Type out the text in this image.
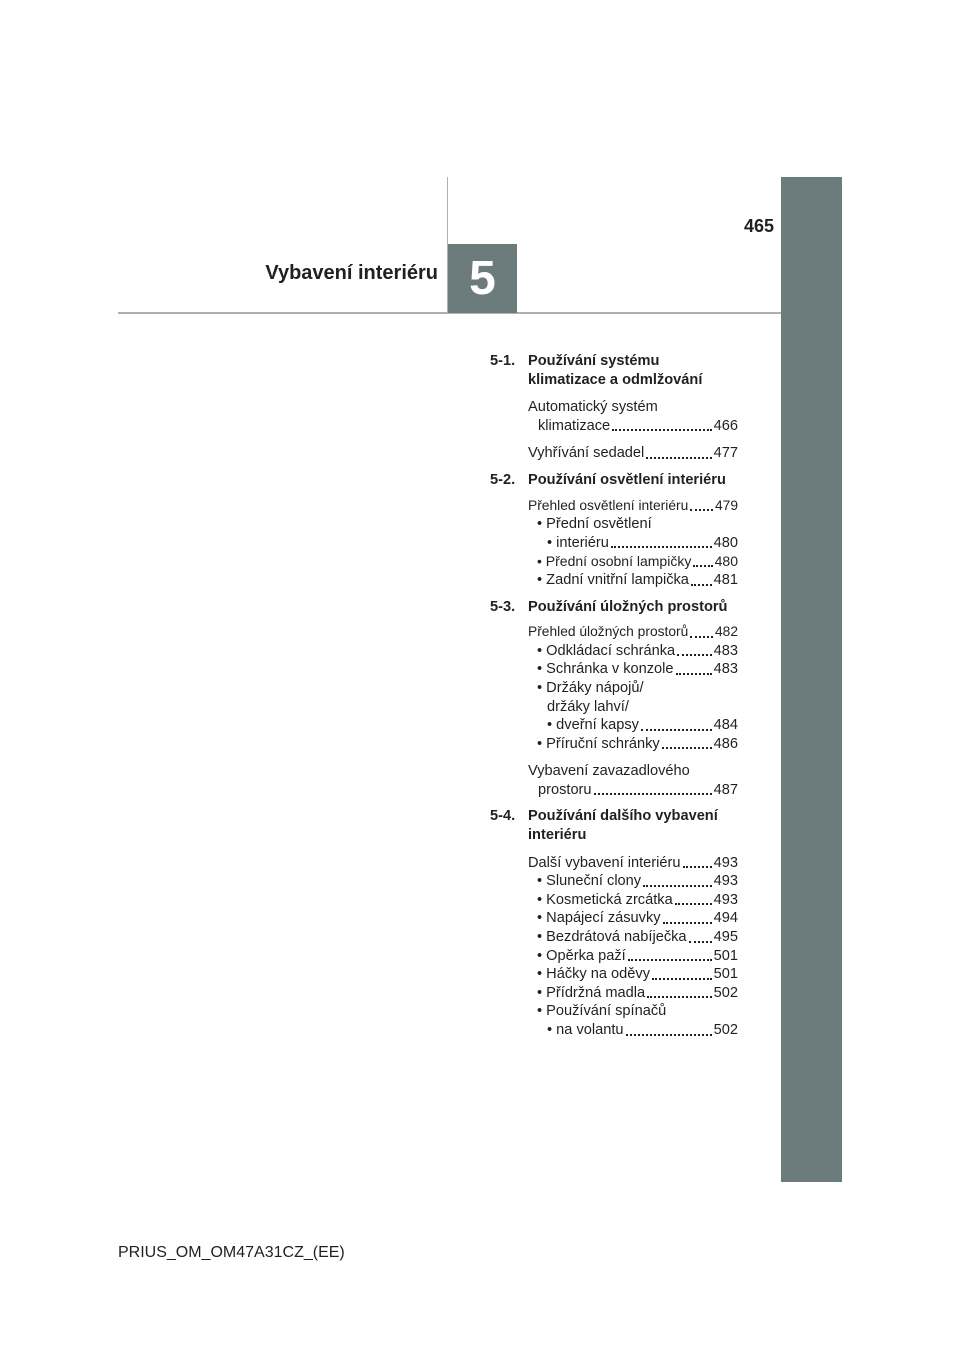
5
465
Vybavení interiéru
5-1. Používání systému
klimatizace a odmlžování
Automatický systém
klimatizace	466
Vyhřívání sedadel	477
5-2. Používání osvětlení interiéru
Přehled osvětlení interiéru 479
• Přední osvětlení
• interiéru	480
• Přední osobní lampičky 480
• Zadní vnitřní lampička 481
5-3. Používání úložných prostorů
Přehled úložných prostorů 482
• Odkládací schránka	483
• Schránka v konzole	483
• Držáky nápojů/
držáky lahví/
• dveřní kapsy	484
• Příruční schránky	486
Vybavení zavazadlového
prostoru	487
5-4. Používání dalšího vybavení
interiéru
Další vybavení interiéru 493
• Sluneční clony	493
• Kosmetická zrcátka	493
• Napájecí zásuvky	494
• Bezdrátová nabíječka 495
• Opěrka paží	501
• Háčky na oděvy	501
• Přídržná madla	502
• Používání spínačů
• na volantu	502
PRIUS_OM_OM47A31CZ_(EE)
